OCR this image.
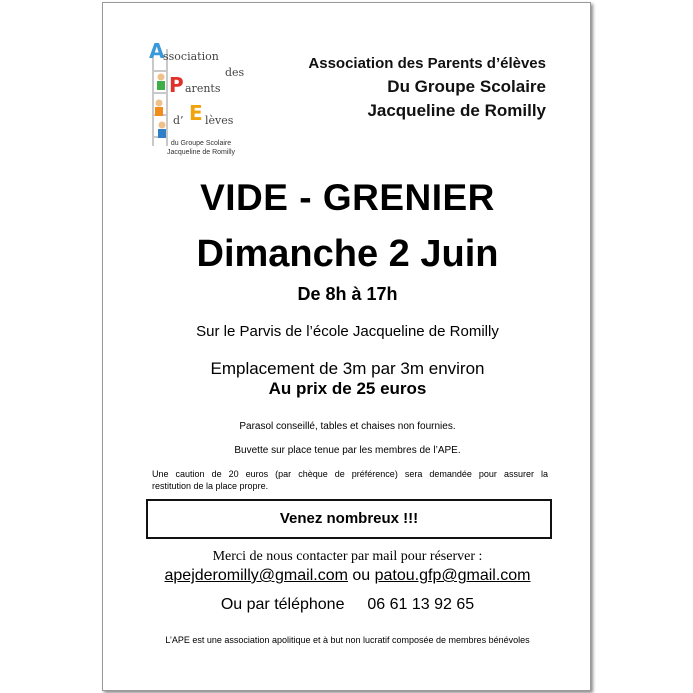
A
ssociation
des
P arents
d’ E lèves
du Groupe Scolaire
Jacqueline de Romilly
Association des Parents d’élèves
Du Groupe Scolaire
Jacqueline de Romilly
VIDE - GRENIER
Dimanche 2 Juin
De 8h à 17h
Sur le Parvis de l’école Jacqueline de Romilly
Emplacement de 3m par 3m environ
Au prix de 25 euros
Parasol conseillé, tables et chaises non fournies.
Buvette sur place tenue par les membres de l’APE.
Une caution de 20 euros (par chèque de préférence) sera demandée pour assurer la
restitution de la place propre.
Venez nombreux !!!
Merci de nous contacter par mail pour réserver :
apejderomilly@gmail.com ou patou.gfp@gmail.com
Ou par téléphone 06 61 13 92 65
L’APE est une association apolitique et à but non lucratif composée de membres bénévoles
